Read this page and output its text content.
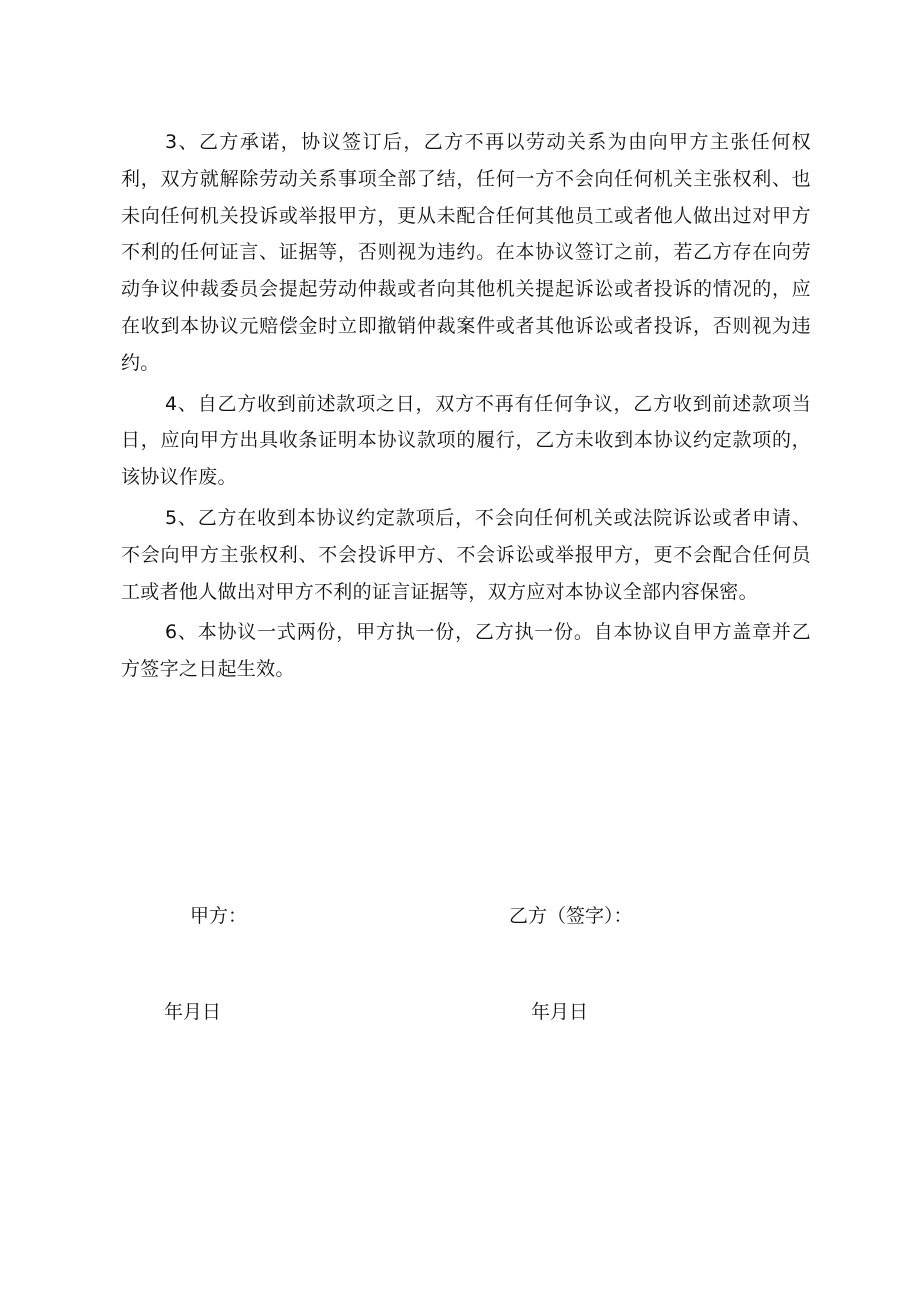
3、乙方承诺，协议签订后，乙方不再以劳动关系为由向甲方主张任何权利，双方就解除劳动关系事项全部了结，任何一方不会向任何机关主张权利、也未向任何机关投诉或举报甲方，更从未配合任何其他员工或者他人做出过对甲方不利的任何证言、证据等，否则视为违约。在本协议签订之前，若乙方存在向劳动争议仲裁委员会提起劳动仲裁或者向其他机关提起诉讼或者投诉的情况的，应在收到本协议元赔偿金时立即撤销仲裁案件或者其他诉讼或者投诉，否则视为违约。

4、自乙方收到前述款项之日，双方不再有任何争议，乙方收到前述款项当日，应向甲方出具收条证明本协议款项的履行，乙方未收到本协议约定款项的，该协议作废。

5、乙方在收到本协议约定款项后，不会向任何机关或法院诉讼或者申请、不会向甲方主张权利、不会投诉甲方、不会诉讼或举报甲方，更不会配合任何员工或者他人做出对甲方不利的证言证据等，双方应对本协议全部内容保密。

6、本协议一式两份，甲方执一份，乙方执一份。自本协议自甲方盖章并乙方签字之日起生效。

甲方：	乙方（签字）：
年月日	年月日
